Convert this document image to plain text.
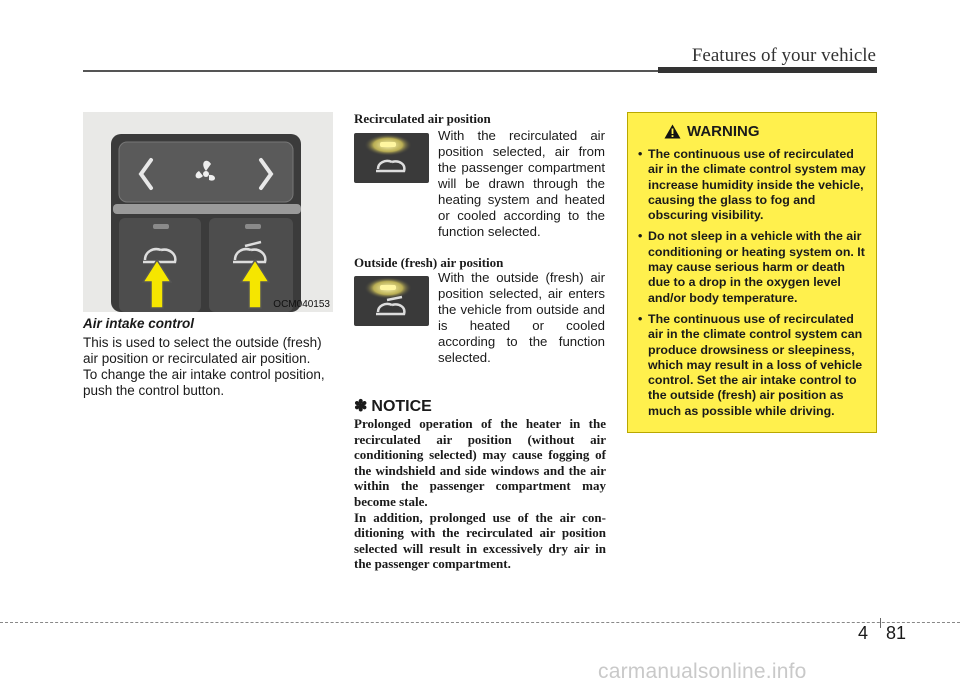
Features of your vehicle
OCM040153
Air intake control
This is used to select the outside (fresh) air position or recirculated air position.
To change the air intake control position, push the control button.
Recirculated air position
With the recirculated air position selected, air from the passenger compartment will be drawn through the heating system and heated or cooled according to the function selected.
Outside (fresh) air position
With the outside (fresh) air position selected, air enters the vehicle from outside and is heated or cooled according to the function selected.
✽ NOTICE
Prolonged operation of the heater in the recirculated air position (without air conditioning selected) may cause fogging of the windshield and side windows and the air within the passenger compartment may become stale.
In addition, prolonged use of the air conditioning with the recirculated air position selected will result in excessively dry air in the passenger compartment.
WARNING
• The continuous use of recirculated air in the climate control system may increase humidity inside the vehicle, causing the glass to fog and obscuring visibility.
• Do not sleep in a vehicle with the air conditioning or heating system on. It may cause serious harm or death due to a drop in the oxygen level and/or body temperature.
• The continuous use of recirculated air in the climate control system can produce drowsiness or sleepiness, which may result in a loss of vehicle control. Set the air intake control to the outside (fresh) air position as much as possible while driving.
4 81
carmanualsonline.info
